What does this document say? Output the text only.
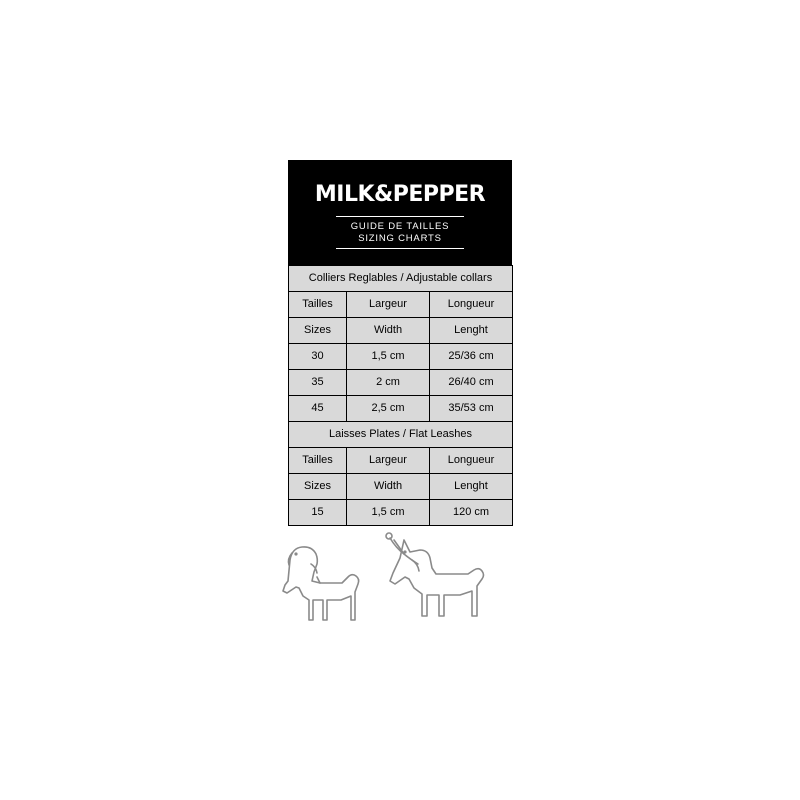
MILK&PEPPER
GUIDE DE TAILLES
SIZING CHARTS
Colliers Reglables / Adjustable collars		
Tailles	Largeur	Longueur
Sizes	Width	Lenght
30	1,5 cm	25/36 cm
35	2 cm	26/40 cm
45	2,5 cm	35/53 cm
Laisses Plates / Flat Leashes		
Tailles	Largeur	Longueur
Sizes	Width	Lenght
15	1,5 cm	120 cm
